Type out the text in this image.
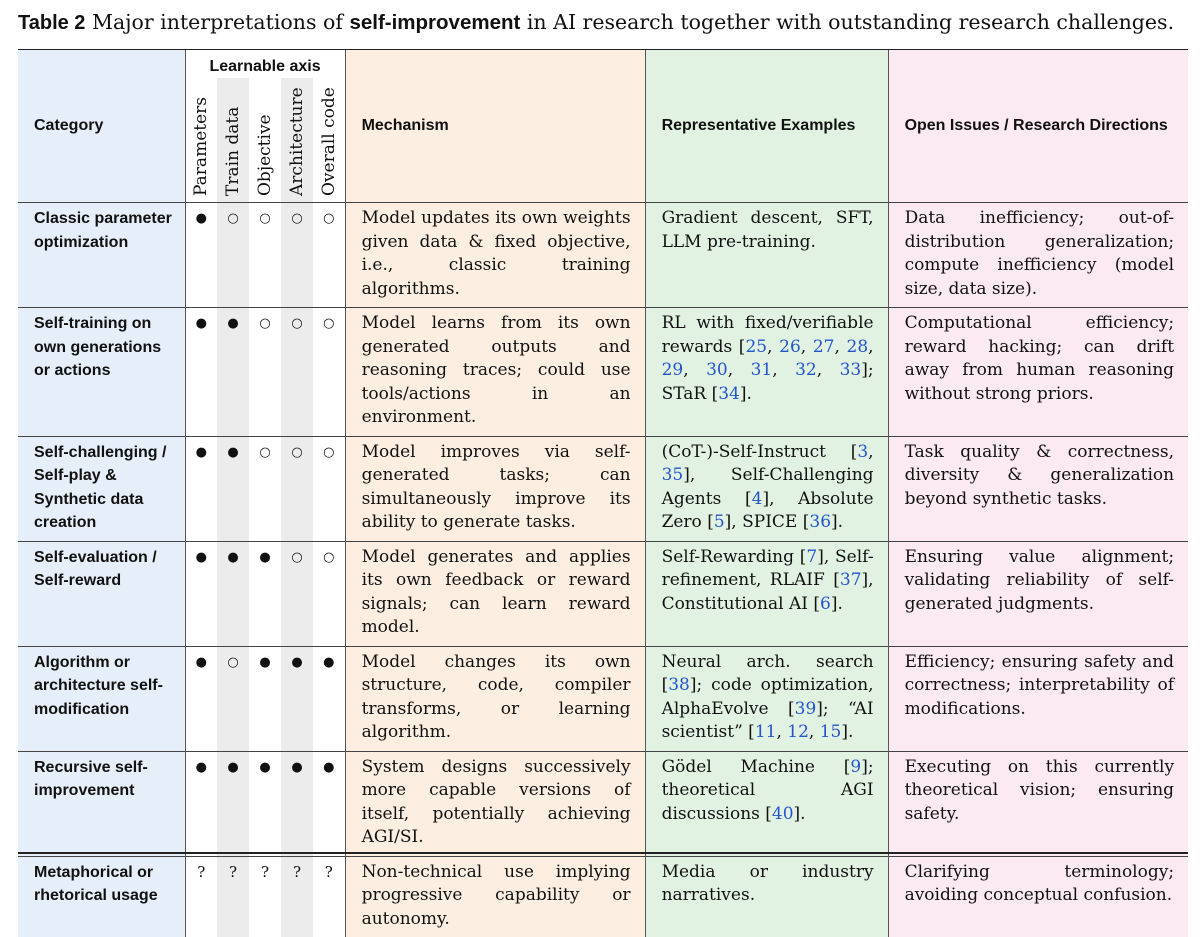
Table 2 Major interpretations of self-improvement in AI research together with outstanding research challenges.
Category	Learnable axis					Mechanism	Representative Examples	Open Issues / Research Directions

	Parameters	Train data	Objective	Architecture	Overall code			

Classic parameter optimization	●	○	○	○	○	Model updates its own weights given data & fixed objective, i.e., classic training algorithms.	Gradient descent, SFT, LLM pre-training.	Data inefficiency; out-of-distribution generalization; compute inefficiency (model size, data size).
Self-training on own generations or actions	●	●	○	○	○	Model learns from its own generated outputs and reasoning traces; could use tools/actions in an environment.	RL with fixed/verifiable rewards [25, 26, 27, 28, 29, 30, 31, 32, 33]; STaR [34].	Computational efficiency; reward hacking; can drift away from human reasoning without strong priors.
Self-challenging / Self-play & Synthetic data creation	●	●	○	○	○	Model improves via self-generated tasks; can simultaneously improve its ability to generate tasks.	(CoT-)-Self-Instruct [3, 35], Self-Challenging Agents [4], Absolute Zero [5], SPICE [36].	Task quality & correctness, diversity & generalization beyond synthetic tasks.
Self-evaluation / Self-reward	●	●	●	○	○	Model generates and applies its own feedback or reward signals; can learn reward model.	Self-Rewarding [7], Self-refinement, RLAIF [37], Constitutional AI [6].	Ensuring value alignment; validating reliability of self-generated judgments.
Algorithm or architecture self-modification	●	○	●	●	●	Model changes its own structure, code, compiler transforms, or learning algorithm.	Neural arch. search [38]; code optimization, AlphaEvolve [39]; “AI scientist” [11, 12, 15].	Efficiency; ensuring safety and correctness; interpretability of modifications.
Recursive self-improvement	●	●	●	●	●	System designs successively more capable versions of itself, potentially achieving AGI/SI.	Gödel Machine [9]; theoretical AGI discussions [40].	Executing on this currently theoretical vision; ensuring safety.
Metaphorical or rhetorical usage	?	?	?	?	?	Non-technical use implying progressive capability or autonomy.	Media or industry narratives.	Clarifying terminology; avoiding conceptual confusion.
